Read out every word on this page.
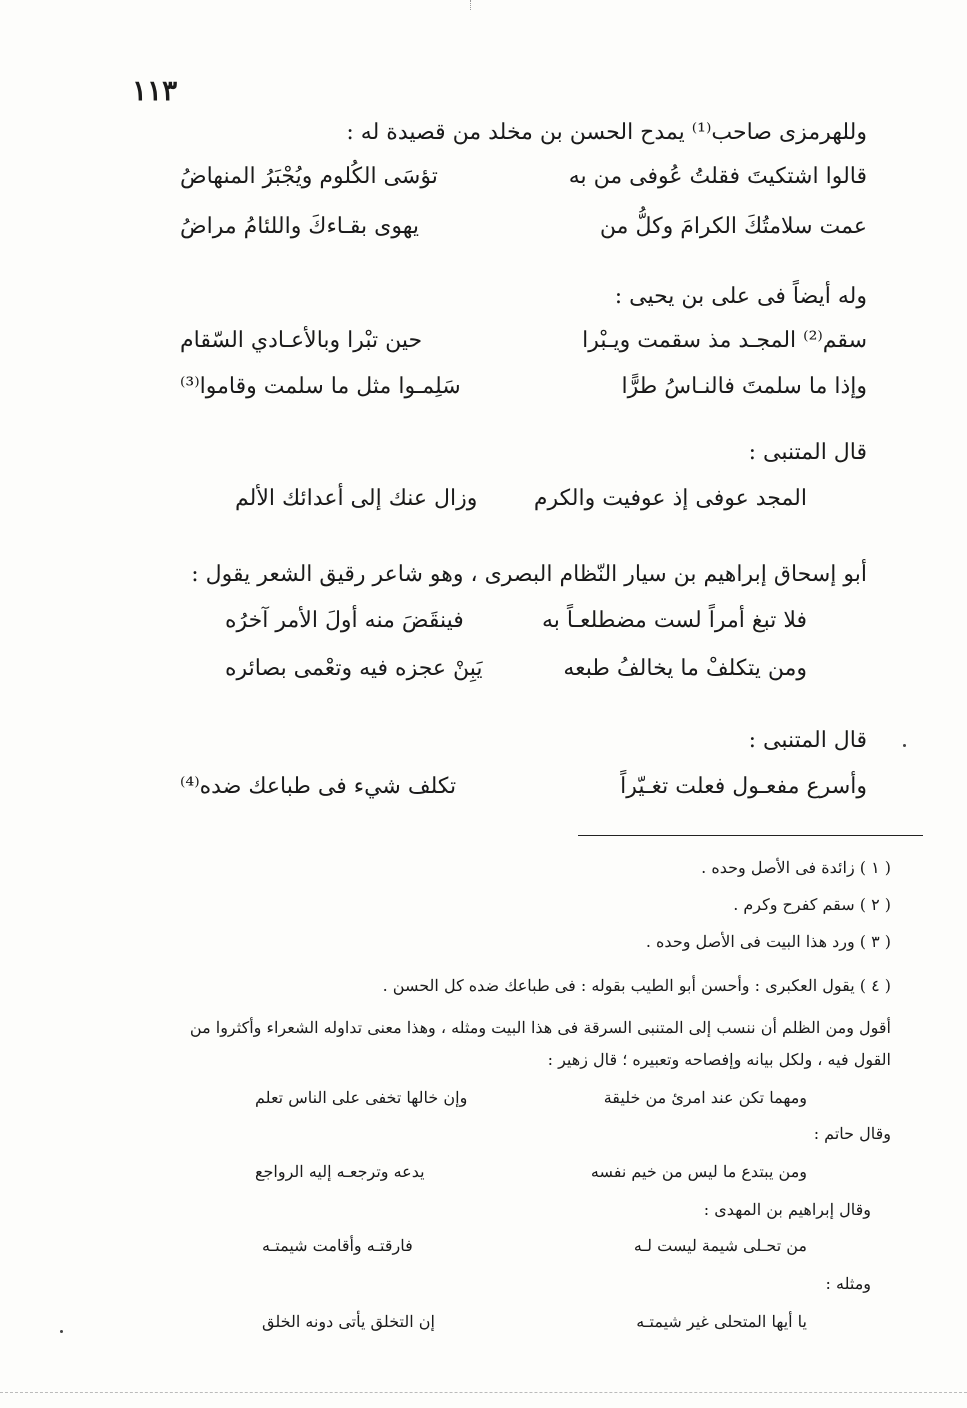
١١٣
وللهرمزى صاحب⁽¹⁾ يمدح الحسن بن مخلد من قصيدة له :
قالوا اشتكيتَ فقلتُ عُوفى من به
تؤسَى الكُلوم ويُجْبَرُ المنهاضُ
عمت سلامتُكَ الكرامَ وكلُّ من
يهوى بقـاءكَ واللئامُ مراضُ
وله أيضاً فى على بن يحيى :
سقم⁽²⁾ المجـد مذ سقمت ويـبْرا
حين تبْرا وبالأعـادي السّقام
وإذا ما سلمتَ فالنـاسُ طرًّا
سَلِمـوا مثل ما سلمت وقاموا⁽³⁾
قال المتنبى :
المجد عوفى إذ عوفيت والكرم
وزال عنك إلى أعدائك الألم
أبو إسحاق إبراهيم بن سيار النّظام البصرى ، وهو شاعر رقيق الشعر يقول :
فلا تبغ أمراً لست مضطلعـاً به
فينقَضَ منه أولَ الأمر آخرُه
ومن يتكلفْ ما يخالفُ طبعه
يَبِنْ عجزه فيه وتعْمى بصائره
قال المتنبى :
وأسرع مفعـول فعلت تغـيّراً
تكلف شيء فى طباعك ضده⁽⁴⁾
( ١ ) زائدة فى الأصل وحده .
( ٢ ) سقم كفرح وكرم .
( ٣ ) ورد هذا البيت فى الأصل وحده .
( ٤ ) يقول العكبرى : وأحسن أبو الطيب بقوله : فى طباعك ضده كل الحسن .
أقول ومن الظلم أن ننسب إلى المتنبى السرقة فى هذا البيت ومثله ، وهذا معنى تداوله الشعراء وأكثروا من
القول فيه ، ولكل بيانه وإفصاحه وتعبيره ؛ قال زهير :
ومهما تكن عند امرئ من خليقة
وإن خالها تخفى على الناس تعلم
وقال حاتم :
ومن يبتدع ما ليس من خيم نفسه
يدعه وترجعـه إليه الرواجع
وقال إبراهيم بن المهدى :
من تحـلى شيمة ليست لـه
فارقتـه وأقامت شيمتـه
ومثله :
يا أيها المتحلى غير شيمتـه
إن التخلق يأتى دونه الخلق
